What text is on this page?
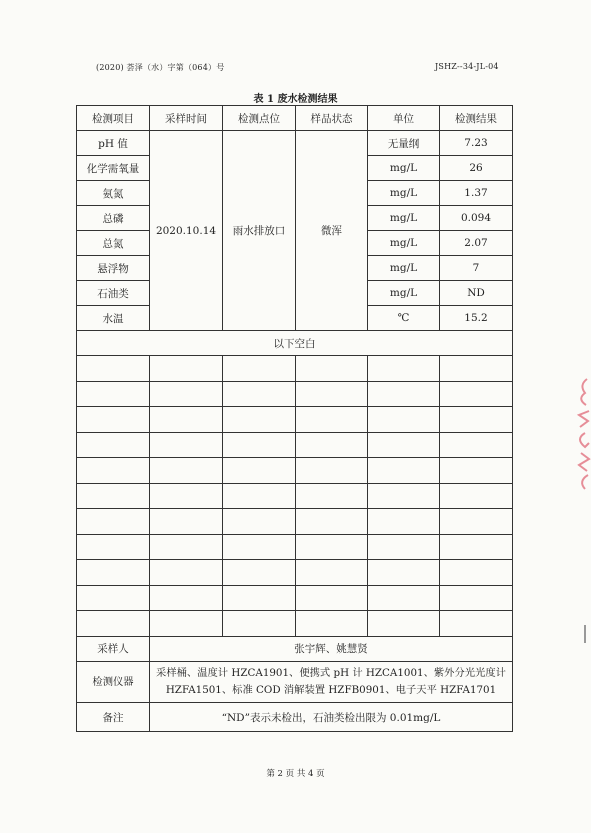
(2020) 荟泽（水）字第（064）号	JSHZ--34-JL-04
表 1 废水检测结果
检测项目	采样时间	检测点位	样品状态	单位	检测结果
pH 值	2020.10.14	雨水排放口	微浑	无量纲	7.23
化学需氧量				mg/L	26
氨氮				mg/L	1.37
总磷				mg/L	0.094
总氮				mg/L	2.07
悬浮物				mg/L	7
石油类				mg/L	ND
水温				℃	15.2
以下空白					

采样人	张宇辉、姚慧贤				
检测仪器	采样桶、温度计 HZCA1901、便携式 pH 计 HZCA1001、紫外分光光度计
HZFA1501、标准 COD 消解装置 HZFB0901、电子天平 HZFA1701				

备注	“ND”表示未检出，石油类检出限为 0.01mg/L				
第 2 页 共 4 页
